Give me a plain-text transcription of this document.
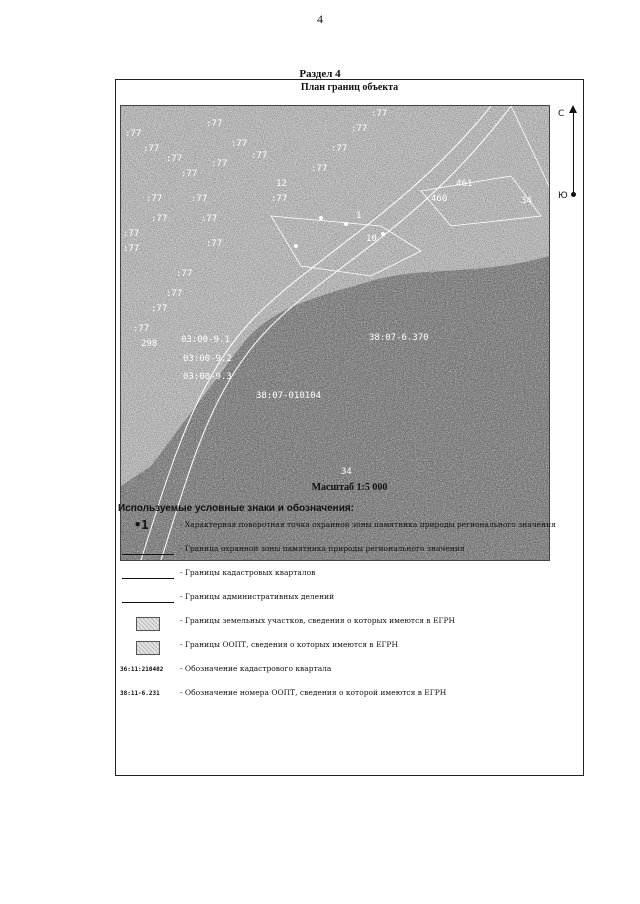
4
Раздел 4
План границ объекта
:77
:77
:77
:77
:77
:77
:77
:77
:77
:77
:77
:77
:77	:77
:77
:77
:77
:77	:77
:77
:77
:77
:77
:77
461
460	34
12
1
10
298	03:00-9.1
03:00-9.2
03:00-9.3
38:07-6.370
38:07-010104
34
С
Ю
Масштаб 1:5 000
Используемые условные знаки и обозначения:
•1	- Характерная поворотная точка охранной зоны памятника природы регионального значения
- Граница охранной зоны памятника природы регионального значения
- Границы кадастровых кварталов
- Границы административных делений
- Границы земельных участков, сведения о которых имеются в ЕГРН
- Границы ООПТ, сведения о которых имеются в ЕГРН
36:11:210402 - Обозначение кадастрового квартала
38:11-6.231	- Обозначение номера ООПТ, сведения о которой имеются в ЕГРН
